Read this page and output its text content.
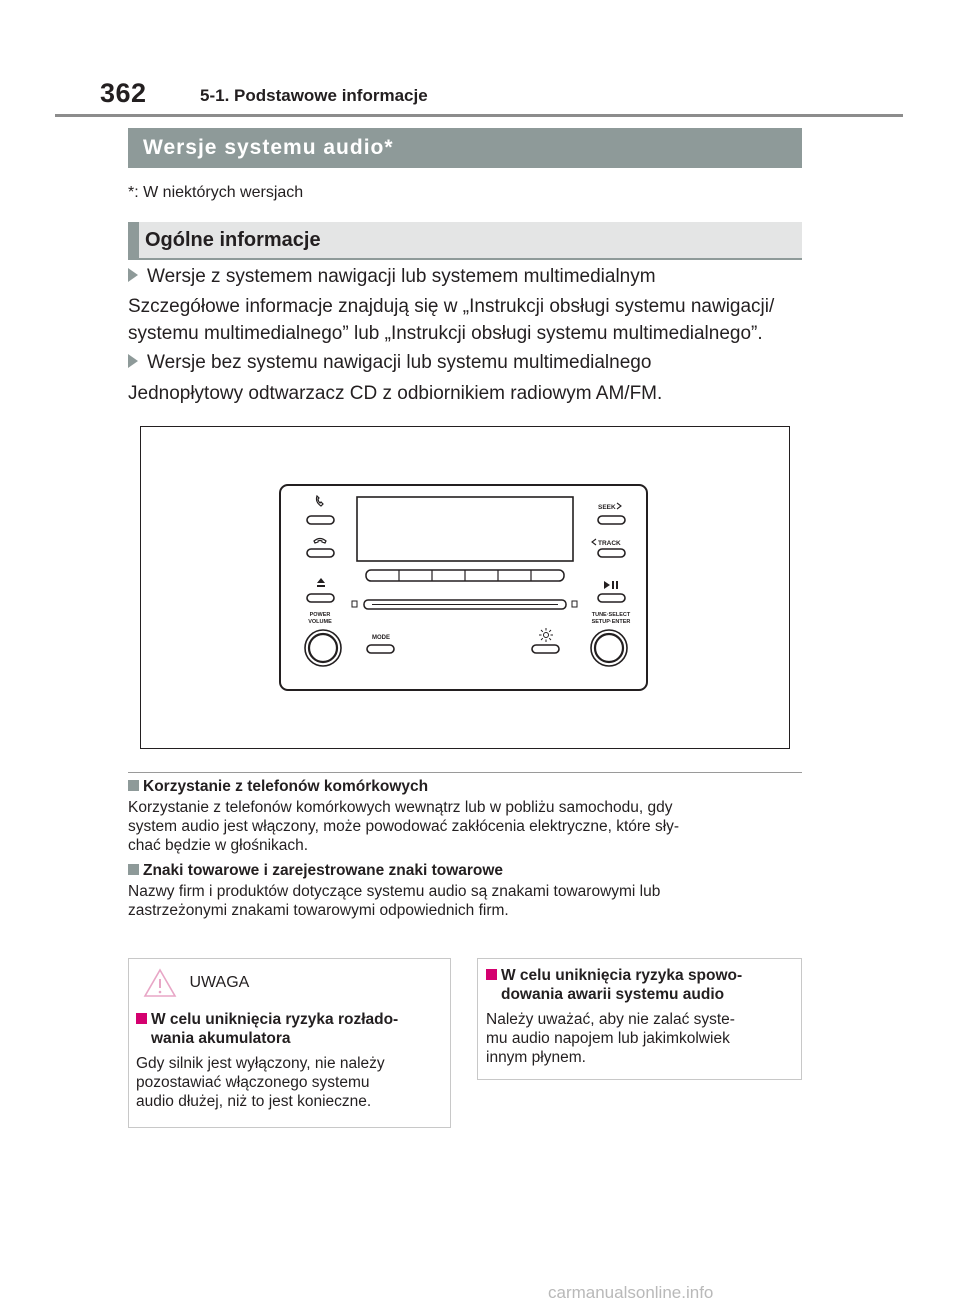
362	5-1. Podstawowe informacje
Wersje systemu audio*
*: W niektórych wersjach
Ogólne informacje
Wersje z systemem nawigacji lub systemem multimedialnym
Szczegółowe informacje znajdują się w „Instrukcji obsługi systemu nawigacji/
systemu multimedialnego” lub „Instrukcji obsługi systemu multimedialnego”.
Wersje bez systemu nawigacji lub systemu multimedialnego
Jednopłytowy odtwarzacz CD z odbiornikiem radiowym AM/FM.
SEEK
TRACK
POWER
VOLUME
TUNE·SELECT
SETUP·ENTER
MODE
Korzystanie z telefonów komórkowych
Korzystanie z telefonów komórkowych wewnątrz lub w pobliżu samochodu, gdy
system audio jest włączony, może powodować zakłócenia elektryczne, które sły-
chać będzie w głośnikach.
Znaki towarowe i zarejestrowane znaki towarowe
Nazwy firm i produktów dotyczące systemu audio są znakami towarowymi lub
zastrzeżonymi znakami towarowymi odpowiednich firm.
UWAGA
W celu uniknięcia ryzyka rozłado-
wania akumulatora
Gdy silnik jest wyłączony, nie należy
pozostawiać włączonego systemu
audio dłużej, niż to jest konieczne.
W celu uniknięcia ryzyka spowo-
dowania awarii systemu audio
Należy uważać, aby nie zalać syste-
mu audio napojem lub jakimkolwiek
innym płynem.
carmanualsonline.info
